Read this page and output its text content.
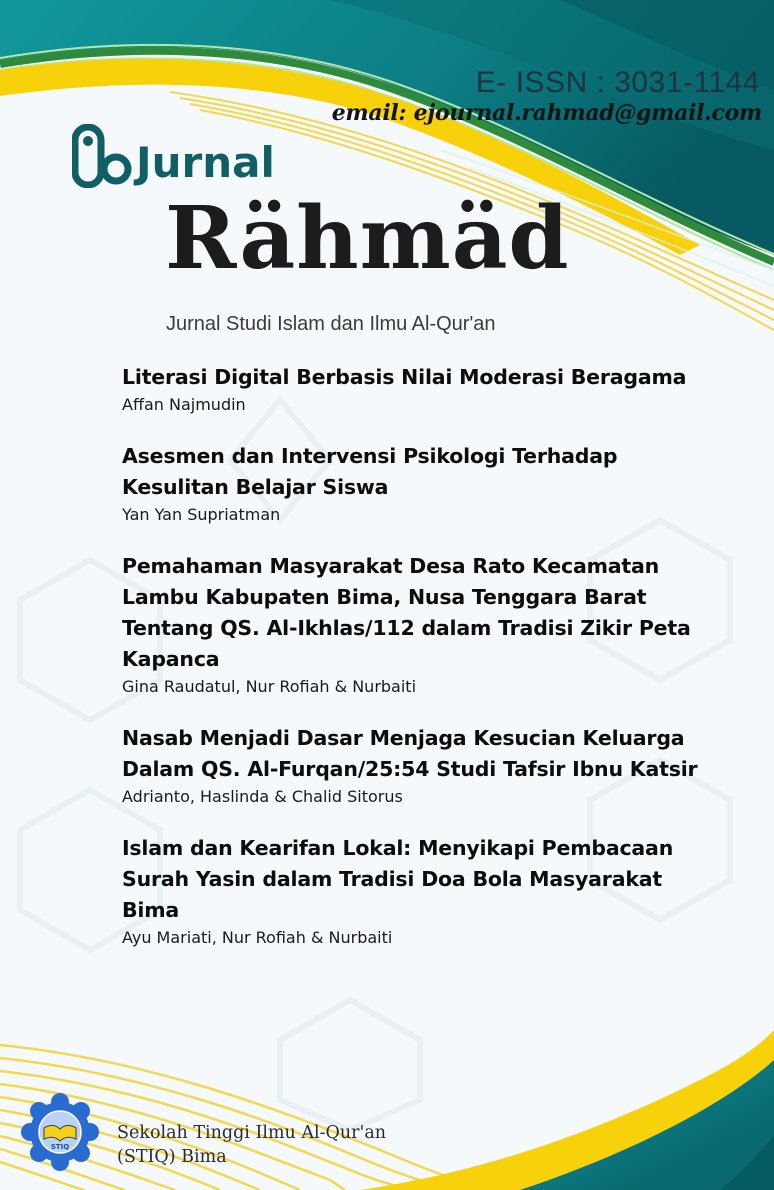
E- ISSN : 3031-1144
email: ejournal.rahmad@gmail.com
Jurnal
Rähmäd
Jurnal Studi Islam dan Ilmu Al-Qur'an
Literasi Digital Berbasis Nilai Moderasi Beragama
Affan Najmudin
Asesmen dan Intervensi Psikologi Terhadap Kesulitan Belajar Siswa
Yan Yan Supriatman
Pemahaman Masyarakat Desa Rato Kecamatan Lambu Kabupaten Bima, Nusa Tenggara Barat Tentang QS. Al-Ikhlas/112 dalam Tradisi Zikir Peta Kapanca
Gina Raudatul, Nur Rofiah & Nurbaiti
Nasab Menjadi Dasar Menjaga Kesucian Keluarga Dalam QS. Al-Furqan/25:54 Studi Tafsir Ibnu Katsir
Adrianto, Haslinda & Chalid Sitorus
Islam dan Kearifan Lokal: Menyikapi Pembacaan Surah Yasin dalam Tradisi Doa Bola Masyarakat Bima
Ayu Mariati, Nur Rofiah & Nurbaiti
STIQ
Sekolah Tinggi Ilmu Al-Qur'an
(STIQ) Bima
